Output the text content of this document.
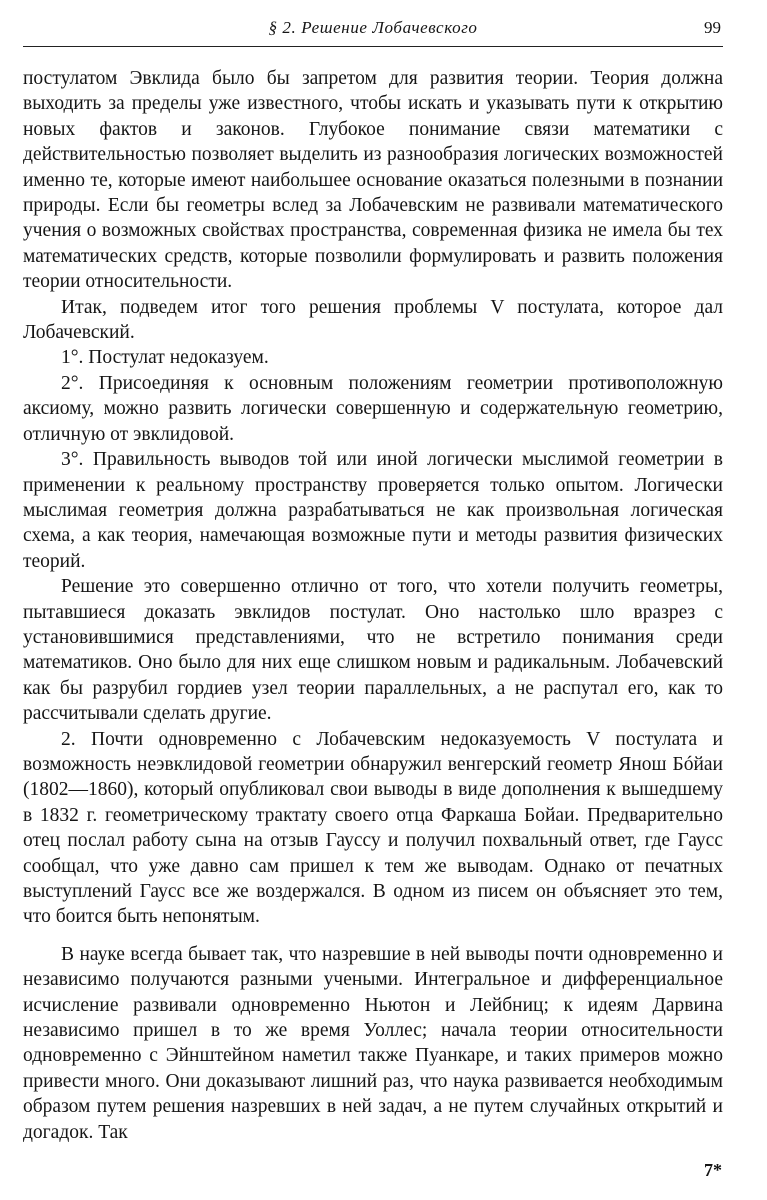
§ 2. Решение Лобачевского	99

постулатом Эвклида было бы запретом для развития теории. Теория должна выходить за пределы уже известного, чтобы искать и указывать пути к открытию новых фактов и законов. Глубокое понимание связи математики с действительностью позволяет выделить из разнообразия логических возможностей именно те, которые имеют наибольшее основание оказаться полезными в познании природы. Если бы геометры вслед за Лобачевским не развивали математического учения о возможных свойствах пространства, современная физика не имела бы тех математических средств, которые позволили формулировать и развить положения теории относительности.

Итак, подведем итог того решения проблемы V постулата, которое дал Лобачевский.

1°. Постулат недоказуем.

2°. Присоединяя к основным положениям геометрии противоположную аксиому, можно развить логически совершенную и содержательную геометрию, отличную от эвклидовой.

3°. Правильность выводов той или иной логически мыслимой геометрии в применении к реальному пространству проверяется только опытом. Логически мыслимая геометрия должна разрабатываться не как произвольная логическая схема, а как теория, намечающая возможные пути и методы развития физических теорий.

Решение это совершенно отлично от того, что хотели получить геометры, пытавшиеся доказать эвклидов постулат. Оно настолько шло вразрез с установившимися представлениями, что не встретило понимания среди математиков. Оно было для них еще слишком новым и радикальным. Лобачевский как бы разрубил гордиев узел теории параллельных, а не распутал его, как то рассчитывали сделать другие.

2. Почти одновременно с Лобачевским недоказуемость V постулата и возможность неэвклидовой геометрии обнаружил венгерский геометр Янош Бóйаи (1802—1860), который опубликовал свои выводы в виде дополнения к вышедшему в 1832 г. геометрическому трактату своего отца Фаркаша Бойаи. Предварительно отец послал работу сына на отзыв Гауссу и получил похвальный ответ, где Гаусс сообщал, что уже давно сам пришел к тем же выводам. Однако от печатных выступлений Гаусс все же воздержался. В одном из писем он объясняет это тем, что боится быть непонятым.

В науке всегда бывает так, что назревшие в ней выводы почти одновременно и независимо получаются разными учеными. Интегральное и дифференциальное исчисление развивали одновременно Ньютон и Лейбниц; к идеям Дарвина независимо пришел в то же время Уоллес; начала теории относительности одновременно с Эйнштейном наметил также Пуанкаре, и таких примеров можно привести много. Они доказывают лишний раз, что наука развивается необходимым образом путем решения назревших в ней задач, а не путем случайных открытий и догадок. Так

7*
